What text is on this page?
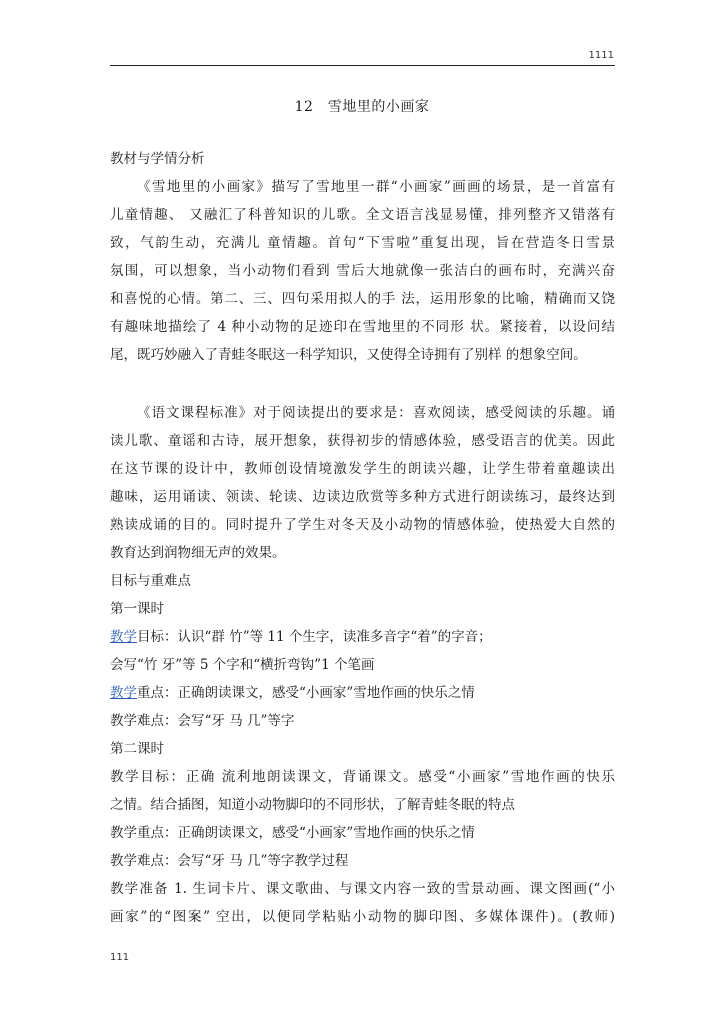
1111
12　雪地里的小画家
教材与学情分析
《雪地里的小画家》描写了雪地里一群“小画家”画画的场景，是一首富有
儿童情趣、 又融汇了科普知识的儿歌。全文语言浅显易懂，排列整齐又错落有
致，气韵生动，充满儿 童情趣。首句“下雪啦”重复出现，旨在营造冬日雪景
氛围，可以想象，当小动物们看到 雪后大地就像一张洁白的画布时，充满兴奋
和喜悦的心情。第二、三、四句采用拟人的手 法，运用形象的比喻，精确而又饶
有趣味地描绘了 4 种小动物的足迹印在雪地里的不同形 状。紧接着，以设问结
尾，既巧妙融入了青蛙冬眠这一科学知识，又使得全诗拥有了别样 的想象空间。
《语文课程标准》对于阅读提出的要求是：喜欢阅读，感受阅读的乐趣。诵
读儿歌、童谣和古诗，展开想象，获得初步的情感体验，感受语言的优美。因此
在这节课的设计中，教师创设情境激发学生的朗读兴趣，让学生带着童趣读出
趣味，运用诵读、领读、轮读、边读边欣赏等多种方式进行朗读练习，最终达到
熟读成诵的目的。同时提升了学生对冬天及小动物的情感体验，使热爱大自然的
教育达到润物细无声的效果。
目标与重难点
第一课时
教学目标：认识“群 竹”等 11 个生字，读准多音字“着”的字音；
会写“竹 牙”等 5 个字和“横折弯钩”1 个笔画
教学重点：正确朗读课文，感受“小画家”雪地作画的快乐之情
教学难点：会写“牙 马 几”等字
第二课时
教学目标：正确 流利地朗读课文，背诵课文。感受“小画家”雪地作画的快乐
之情。结合插图，知道小动物脚印的不同形状，了解青蛙冬眠的特点
教学重点：正确朗读课文，感受“小画家”雪地作画的快乐之情
教学难点：会写“牙 马 几”等字教学过程
教学准备 1. 生词卡片、课文歌曲、与课文内容一致的雪景动画、课文图画(“小
画家”的“图案” 空出，以便同学粘贴小动物的脚印图、多媒体课件)。(教师)
111
